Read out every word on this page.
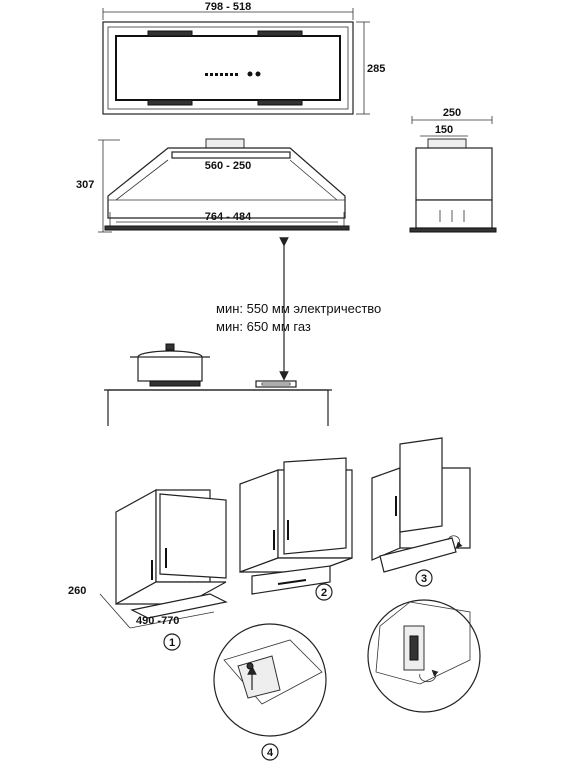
798 - 518
285
307
560 - 250
764 - 484
250
150
мин: 550 мм электричество
мин: 650 мм газ
260
490 -770
1
2
3
4
